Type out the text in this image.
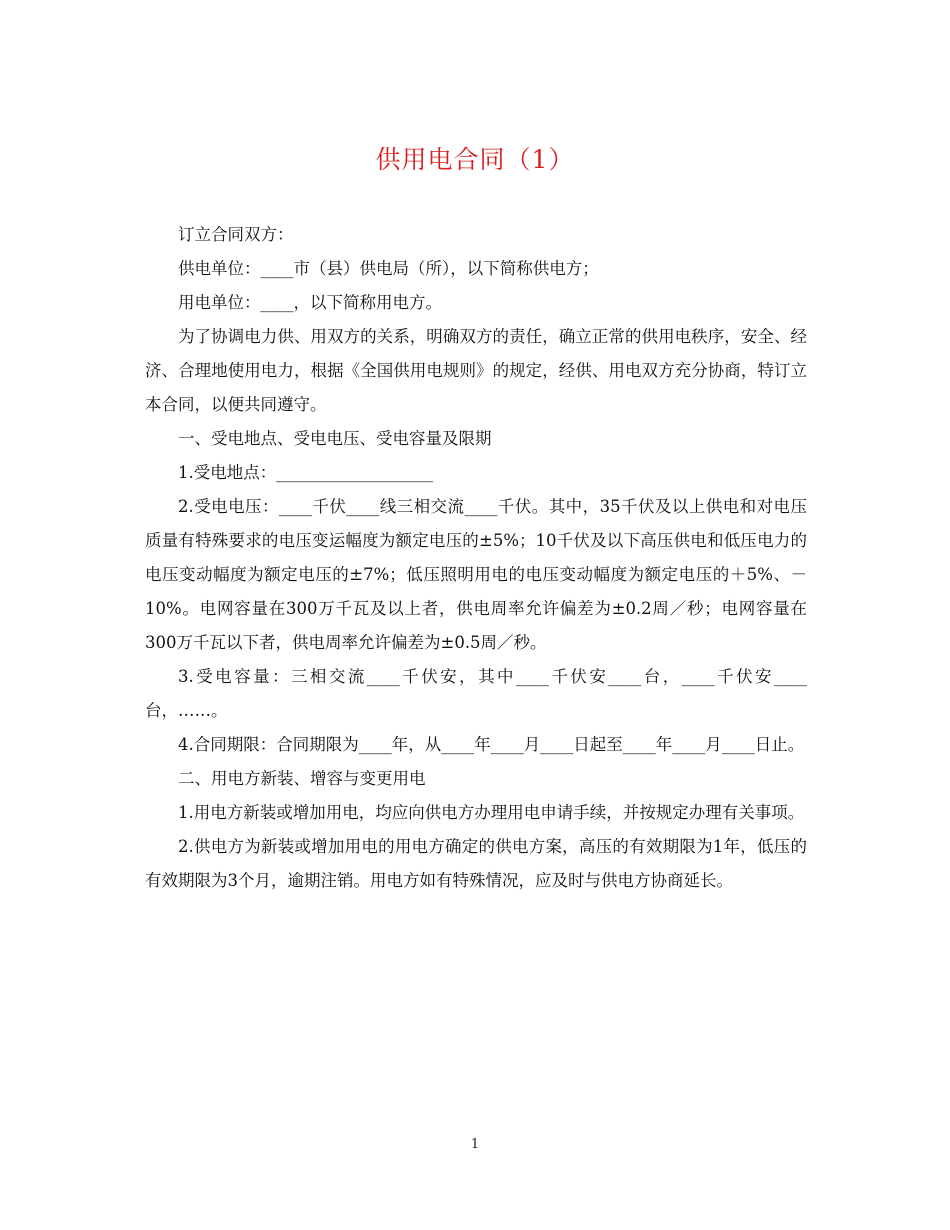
供用电合同（1）

订立合同双方：

供电单位：____市（县）供电局（所），以下简称供电方；

用电单位：____，以下简称用电方。

为了协调电力供、用双方的关系，明确双方的责任，确立正常的供用电秩序，安全、经济、合理地使用电力，根据《全国供用电规则》的规定，经供、用电双方充分协商，特订立本合同，以便共同遵守。

一、受电地点、受电电压、受电容量及限期

1.受电地点：___________________

2.受电电压：____千伏____线三相交流____千伏。其中，35千伏及以上供电和对电压质量有特殊要求的电压变运幅度为额定电压的±5%；10千伏及以下高压供电和低压电力的电压变动幅度为额定电压的±7%；低压照明用电的电压变动幅度为额定电压的＋5%、－10%。电网容量在300万千瓦及以上者，供电周率允许偏差为±0.2周／秒；电网容量在300万千瓦以下者，供电周率允许偏差为±0.5周／秒。

3.受电容量：三相交流____千伏安，其中____千伏安____台，____千伏安____台，……。

4.合同期限：合同期限为____年，从____年____月____日起至____年____月____日止。

二、用电方新装、增容与变更用电

1.用电方新装或增加用电，均应向供电方办理用电申请手续，并按规定办理有关事项。

2.供电方为新装或增加用电的用电方确定的供电方案，高压的有效期限为1年，低压的有效期限为3个月，逾期注销。用电方如有特殊情况，应及时与供电方协商延长。

1
